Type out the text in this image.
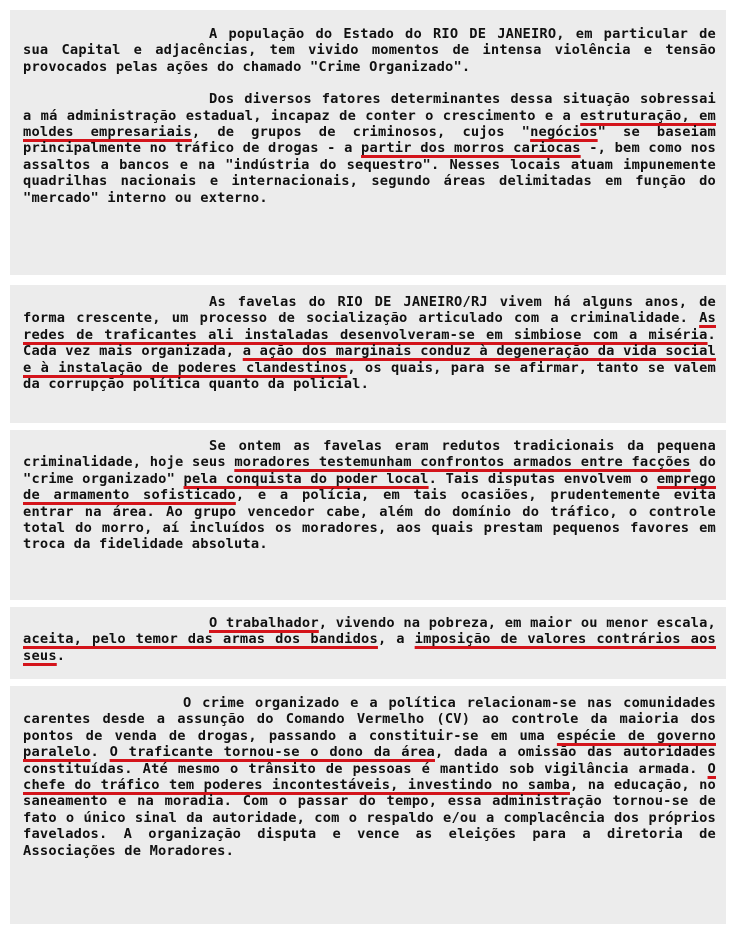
A população do Estado do RIO DE JANEIRO, em particular de sua Capital e adjacências, tem vivido momentos de intensa violência e tensão provocados pelas ações do chamado "Crime Organizado".

Dos diversos fatores determinantes dessa situação sobressai a má administração estadual, incapaz de conter o crescimento e a estruturação, em moldes empresariais, de grupos de criminosos, cujos "negócios" se baseiam principalmente no tráfico de drogas - a partir dos morros cariocas -, bem como nos assaltos a bancos e na "indústria do sequestro". Nesses locais atuam impunemente quadrilhas nacionais e internacionais, segundo áreas delimitadas em função do "mercado" interno ou externo.

As favelas do RIO DE JANEIRO/RJ vivem há alguns anos, de forma crescente, um processo de socialização articulado com a criminalidade. As redes de traficantes ali instaladas desenvolveram-se em simbiose com a miséria. Cada vez mais organizada, a ação dos marginais conduz à degeneração da vida social e à instalação de poderes clandestinos, os quais, para se afirmar, tanto se valem da corrupção política quanto da policial.

Se ontem as favelas eram redutos tradicionais da pequena criminalidade, hoje seus moradores testemunham confrontos armados entre facções do "crime organizado" pela conquista do poder local. Tais disputas envolvem o emprego de armamento sofisticado, e a polícia, em tais ocasiões, prudentemente evita entrar na área. Ao grupo vencedor cabe, além do domínio do tráfico, o controle total do morro, aí incluídos os moradores, aos quais prestam pequenos favores em troca da fidelidade absoluta.

O trabalhador, vivendo na pobreza, em maior ou menor escala, aceita, pelo temor das armas dos bandidos, a imposição de valores contrários aos seus.

O crime organizado e a política relacionam-se nas comunidades carentes desde a assunção do Comando Vermelho (CV) ao controle da maioria dos pontos de venda de drogas, passando a constituir-se em uma espécie de governo paralelo. O traficante tornou-se o dono da área, dada a omissão das autoridades constituídas. Até mesmo o trânsito de pessoas é mantido sob vigilância armada. O chefe do tráfico tem poderes incontestáveis, investindo no samba, na educação, no saneamento e na moradia. Com o passar do tempo, essa administração tornou-se de fato o único sinal da autoridade, com o respaldo e/ou a complacência dos próprios favelados. A organização disputa e vence as eleições para a diretoria de Associações de Moradores.
